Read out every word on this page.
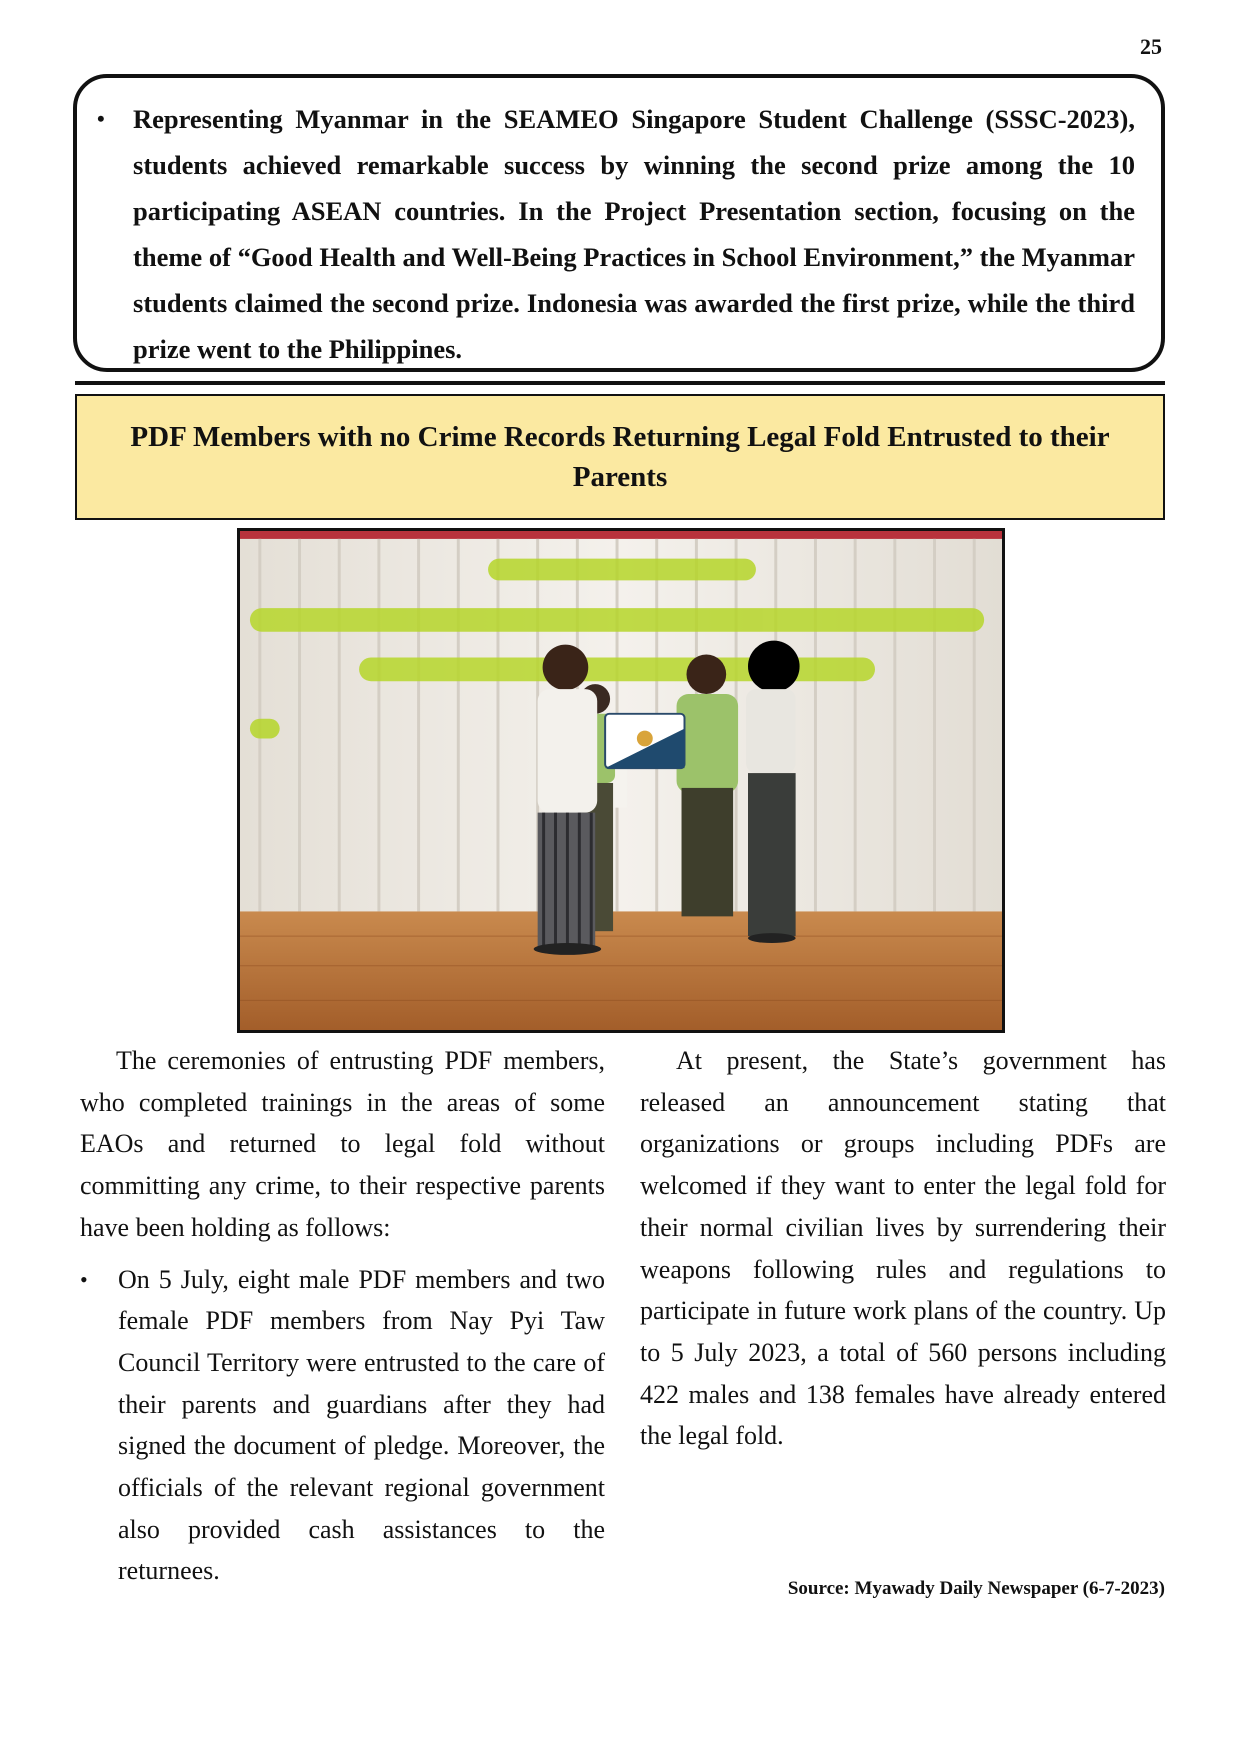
25
• Representing Myanmar in the SEAMEO Singapore Student Challenge (SSSC-2023), students achieved remarkable success by winning the second prize among the 10 participating ASEAN countries. In the Project Presentation section, focusing on the theme of “Good Health and Well-Being Practices in School Environment,” the Myanmar students claimed the second prize. Indonesia was awarded the first prize, while the third prize went to the Philippines.
PDF Members with no Crime Records Returning Legal Fold Entrusted to their Parents

The ceremonies of entrusting PDF members, who completed trainings in the areas of some EAOs and returned to legal fold without committing any crime, to their respective parents have been holding as follows:

• On 5 July, eight male PDF members and two female PDF members from Nay Pyi Taw Council Territory were entrusted to the care of their parents and guardians after they had signed the document of pledge. Moreover, the officials of the relevant regional government also provided cash assistances to the returnees.

At present, the State’s government has released an announcement stating that organizations or groups including PDFs are welcomed if they want to enter the legal fold for their normal civilian lives by surrendering their weapons following rules and regulations to participate in future work plans of the country. Up to 5 July 2023, a total of 560 persons including 422 males and 138 females have already entered the legal fold.

Source: Myawady Daily Newspaper (6-7-2023)
